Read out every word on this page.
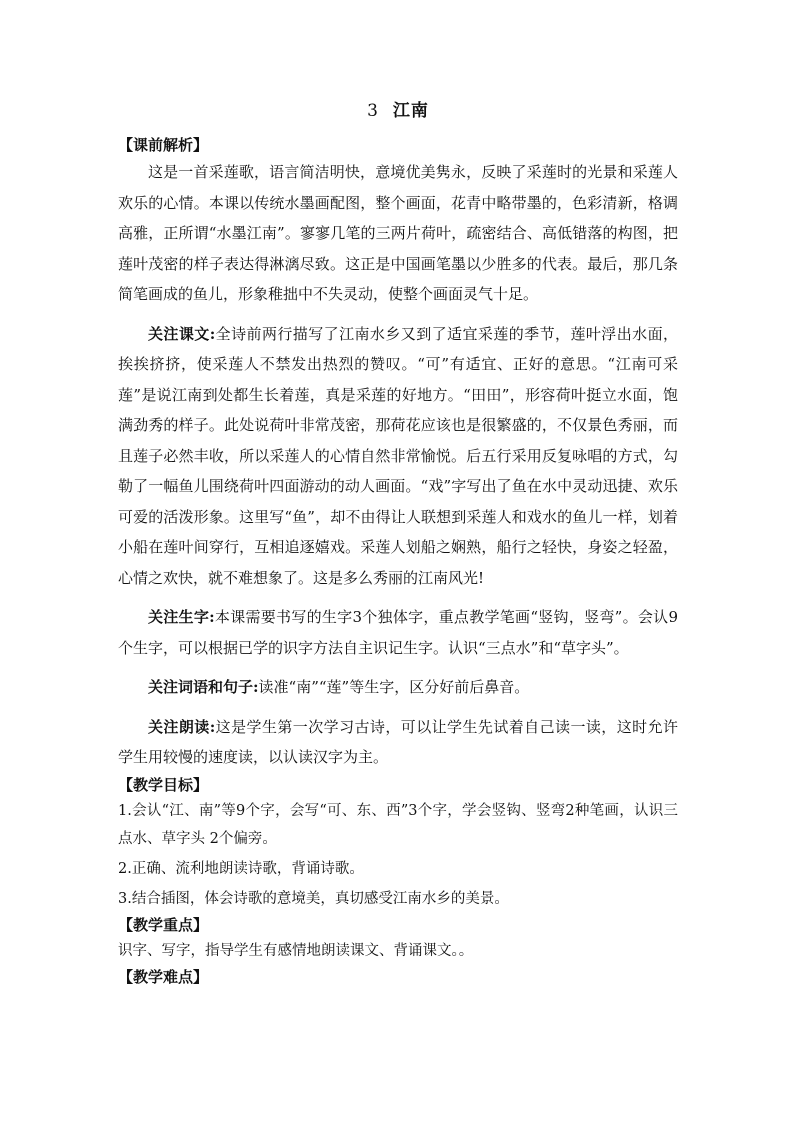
3 江南

【课前解析】

这是一首采莲歌，语言简洁明快，意境优美隽永，反映了采莲时的光景和采莲人欢乐的心情。本课以传统水墨画配图，整个画面，花青中略带墨的，色彩清新，格调高雅，正所谓“水墨江南”。寥寥几笔的三两片荷叶，疏密结合、高低错落的构图，把莲叶茂密的样子表达得淋漓尽致。这正是中国画笔墨以少胜多的代表。最后，那几条简笔画成的鱼儿，形象稚拙中不失灵动，使整个画面灵气十足。

关注课文:全诗前两行描写了江南水乡又到了适宜采莲的季节，莲叶浮出水面，挨挨挤挤，使采莲人不禁发出热烈的赞叹。“可”有适宜、正好的意思。“江南可采莲”是说江南到处都生长着莲，真是采莲的好地方。“田田”，形容荷叶挺立水面，饱满劲秀的样子。此处说荷叶非常茂密，那荷花应该也是很繁盛的，不仅景色秀丽，而且莲子必然丰收，所以采莲人的心情自然非常愉悦。后五行采用反复咏唱的方式，勾勒了一幅鱼儿围绕荷叶四面游动的动人画面。“戏”字写出了鱼在水中灵动迅捷、欢乐可爱的活泼形象。这里写“鱼”，却不由得让人联想到采莲人和戏水的鱼儿一样，划着小船在莲叶间穿行，互相追逐嬉戏。采莲人划船之娴熟，船行之轻快，身姿之轻盈，心情之欢快，就不难想象了。这是多么秀丽的江南风光!

关注生字:本课需要书写的生字3个独体字，重点教学笔画“竖钩，竖弯”。会认9个生字，可以根据已学的识字方法自主识记生字。认识“三点水”和“草字头”。

关注词语和句子:读准“南”“莲”等生字，区分好前后鼻音。

关注朗读:这是学生第一次学习古诗，可以让学生先试着自己读一读，这时允许学生用较慢的速度读，以认读汉字为主。

【教学目标】

1.会认“江、南”等9个字，会写“可、东、西”3个字，学会竖钩、竖弯2种笔画，认识三点水、草字头 2个偏旁。

2.正确、流利地朗读诗歌，背诵诗歌。

3.结合插图，体会诗歌的意境美，真切感受江南水乡的美景。

【教学重点】

识字、写字，指导学生有感情地朗读课文、背诵课文。。

【教学难点】
